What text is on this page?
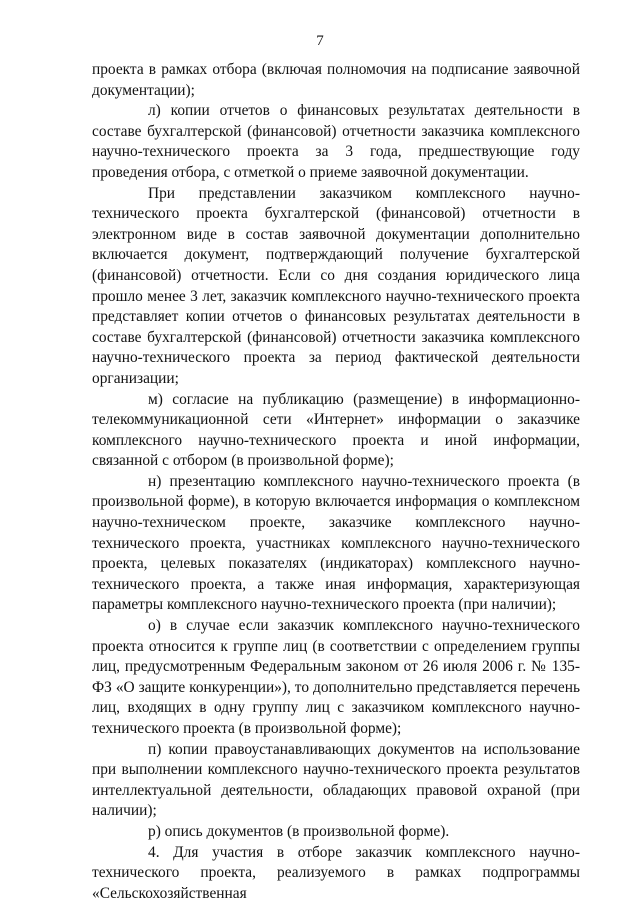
7

проекта в рамках отбора (включая полномочия на подписание заявочной документации);

л) копии отчетов о финансовых результатах деятельности в составе бухгалтерской (финансовой) отчетности заказчика комплексного научно-технического проекта за 3 года, предшествующие году проведения отбора, с отметкой о приеме заявочной документации.

При представлении заказчиком комплексного научно-технического проекта бухгалтерской (финансовой) отчетности в электронном виде в состав заявочной документации дополнительно включается документ, подтверждающий получение бухгалтерской (финансовой) отчетности. Если со дня создания юридического лица прошло менее 3 лет, заказчик комплексного научно-технического проекта представляет копии отчетов о финансовых результатах деятельности в составе бухгалтерской (финансовой) отчетности заказчика комплексного научно-технического проекта за период фактической деятельности организации;

м) согласие на публикацию (размещение) в информационно-телекоммуникационной сети «Интернет» информации о заказчике комплексного научно-технического проекта и иной информации, связанной с отбором (в произвольной форме);

н) презентацию комплексного научно-технического проекта (в произвольной форме), в которую включается информация о комплексном научно-техническом проекте, заказчике комплексного научно-технического проекта, участниках комплексного научно-технического проекта, целевых показателях (индикаторах) комплексного научно-технического проекта, а также иная информация, характеризующая параметры комплексного научно-технического проекта (при наличии);

о) в случае если заказчик комплексного научно-технического проекта относится к группе лиц (в соответствии с определением группы лиц, предусмотренным Федеральным законом от 26 июля 2006 г. № 135-ФЗ «О защите конкуренции»), то дополнительно представляется перечень лиц, входящих в одну группу лиц с заказчиком комплексного научно-технического проекта (в произвольной форме);

п) копии правоустанавливающих документов на использование при выполнении комплексного научно-технического проекта результатов интеллектуальной деятельности, обладающих правовой охраной (при наличии);

р) опись документов (в произвольной форме).

4. Для участия в отборе заказчик комплексного научно-технического проекта, реализуемого в рамках подпрограммы «Сельскохозяйственная
